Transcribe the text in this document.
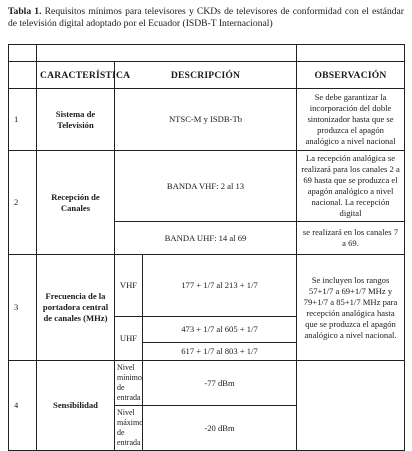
Tabla 1. Requisitos mínimos para televisores y CKDs de televisores de conformidad con el estándar de televisión digital adoptado por el Ecuador (ISDB-T Internacional)

	CARACTERÍSTICA	DESCRIPCIÓN		OBSERVACIÓN
1	Sistema de Televisión	NTSC-M y ISDB-Tb		Se debe garantizar la incorporación del doble sintonizador hasta que se produzca el apagón analógico a nivel nacional
2	Recepción de Canales	BANDA VHF: 2 al 13		La recepción analógica se realizará para los canales 2 a 69 hasta que se produzca el apagón analógico a nivel nacional. La recepción digital
		BANDA UHF: 14 al 69		se realizará en los canales 7 a 69.
3	Frecuencia de la portadora central de canales (MHz)	VHF	177 + 1/7 al 213 + 1/7	Se incluyen los rangos 57+1/7 a 69+1/7 MHz y 79+1/7 a 85+1/7 MHz para recepción analógica hasta que se produzca el apagón analógico a nivel nacional.
		UHF	473 + 1/7 al 605 + 1/7	
			617 + 1/7 al 803 + 1/7	
4	Sensibilidad	Nivel mínimo de entrada	-77 dBm	
		Nivel máximo de entrada	-20 dBm	
